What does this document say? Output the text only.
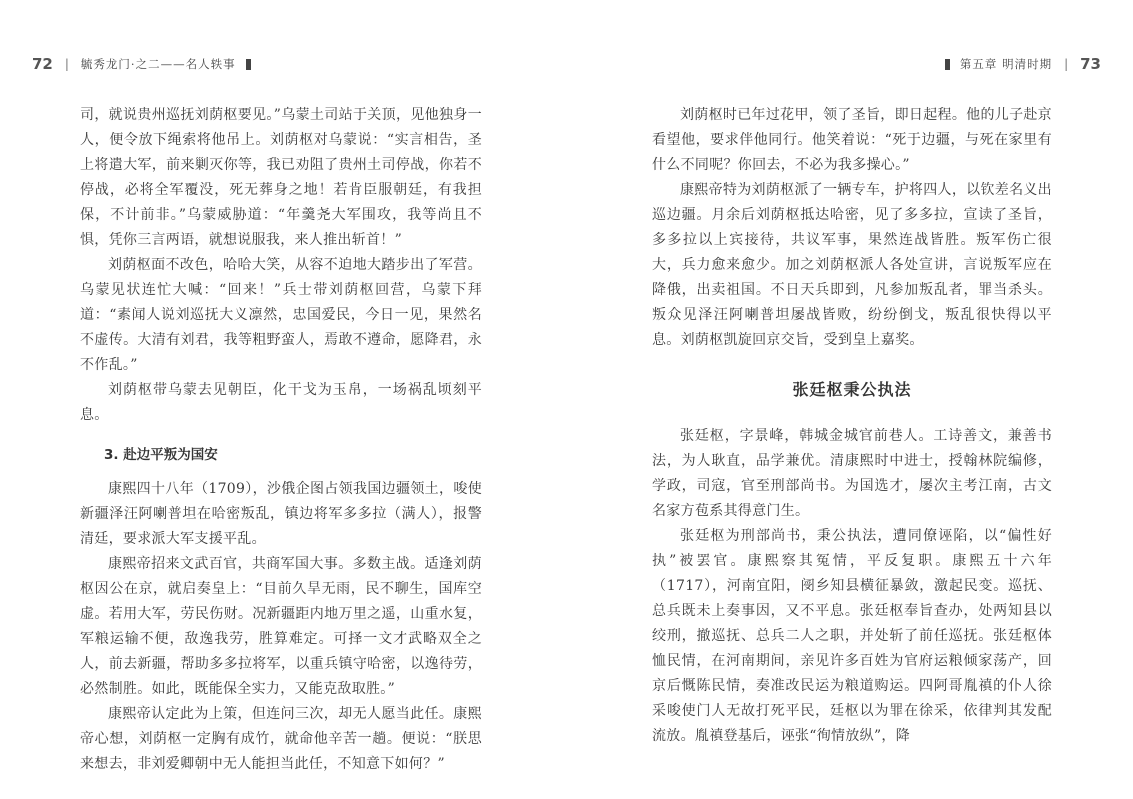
72 | 毓秀龙门·之二——名人轶事

司，就说贵州巡抚刘荫枢要见。”乌蒙土司站于关顶，见他独身一人，便令放下绳索将他吊上。刘荫枢对乌蒙说：“实言相告，圣上将遣大军，前来剿灭你等，我已劝阻了贵州土司停战，你若不停战，必将全军覆没，死无葬身之地！若肯臣服朝廷，有我担保，不计前非。”乌蒙威胁道：“年羹尧大军围攻，我等尚且不惧，凭你三言两语，就想说服我，来人推出斩首！”

刘荫枢面不改色，哈哈大笑，从容不迫地大踏步出了军营。乌蒙见状连忙大喊：“回来！”兵士带刘荫枢回营，乌蒙下拜道：“素闻人说刘巡抚大义凛然，忠国爱民，今日一见，果然名不虚传。大清有刘君，我等粗野蛮人，焉敢不遵命，愿降君，永不作乱。”

刘荫枢带乌蒙去见朝臣，化干戈为玉帛，一场祸乱顷刻平息。

3. 赴边平叛为国安

康熙四十八年（1709），沙俄企图占领我国边疆领土，唆使新疆泽汪阿喇普坦在哈密叛乱，镇边将军多多拉（满人），报警清廷，要求派大军支援平乱。

康熙帝招来文武百官，共商军国大事。多数主战。适逢刘荫枢因公在京，就启奏皇上：“目前久旱无雨，民不聊生，国库空虚。若用大军，劳民伤财。况新疆距内地万里之遥，山重水复，军粮运输不便，敌逸我劳，胜算难定。可择一文才武略双全之人，前去新疆，帮助多多拉将军，以重兵镇守哈密，以逸待劳，必然制胜。如此，既能保全实力，又能克敌取胜。”

康熙帝认定此为上策，但连问三次，却无人愿当此任。康熙帝心想，刘荫枢一定胸有成竹，就命他辛苦一趟。便说：“朕思来想去，非刘爱卿朝中无人能担当此任，不知意下如何？”

第五章 明清时期 | 73

刘荫枢时已年过花甲，领了圣旨，即日起程。他的儿子赴京看望他，要求伴他同行。他笑着说：“死于边疆，与死在家里有什么不同呢？你回去，不必为我多操心。”

康熙帝特为刘荫枢派了一辆专车，护将四人，以钦差名义出巡边疆。月余后刘荫枢抵达哈密，见了多多拉，宣读了圣旨，多多拉以上宾接待，共议军事，果然连战皆胜。叛军伤亡很大，兵力愈来愈少。加之刘荫枢派人各处宣讲，言说叛军应在降俄，出卖祖国。不日天兵即到，凡参加叛乱者，罪当杀头。叛众见泽汪阿喇普坦屡战皆败，纷纷倒戈，叛乱很快得以平息。刘荫枢凯旋回京交旨，受到皇上嘉奖。

张廷枢秉公执法

张廷枢，字景峰，韩城金城官前巷人。工诗善文，兼善书法，为人耿直，品学兼优。清康熙时中进士，授翰林院编修，学政，司寇，官至刑部尚书。为国选才，屡次主考江南，古文名家方苞系其得意门生。

张廷枢为刑部尚书，秉公执法，遭同僚诬陷，以“偏性好执”被罢官。康熙察其冤情，平反复职。康熙五十六年（1717），河南宜阳，阌乡知县横征暴敛，激起民变。巡抚、总兵既未上奏事因，又不平息。张廷枢奉旨查办，处两知县以绞刑，撤巡抚、总兵二人之职，并处斩了前任巡抚。张廷枢体恤民情，在河南期间，亲见许多百姓为官府运粮倾家荡产，回京后慨陈民情，奏准改民运为粮道购运。四阿哥胤禛的仆人徐采唆使门人无故打死平民，廷枢以为罪在徐采，依律判其发配流放。胤禛登基后，诬张“徇情放纵”，降
